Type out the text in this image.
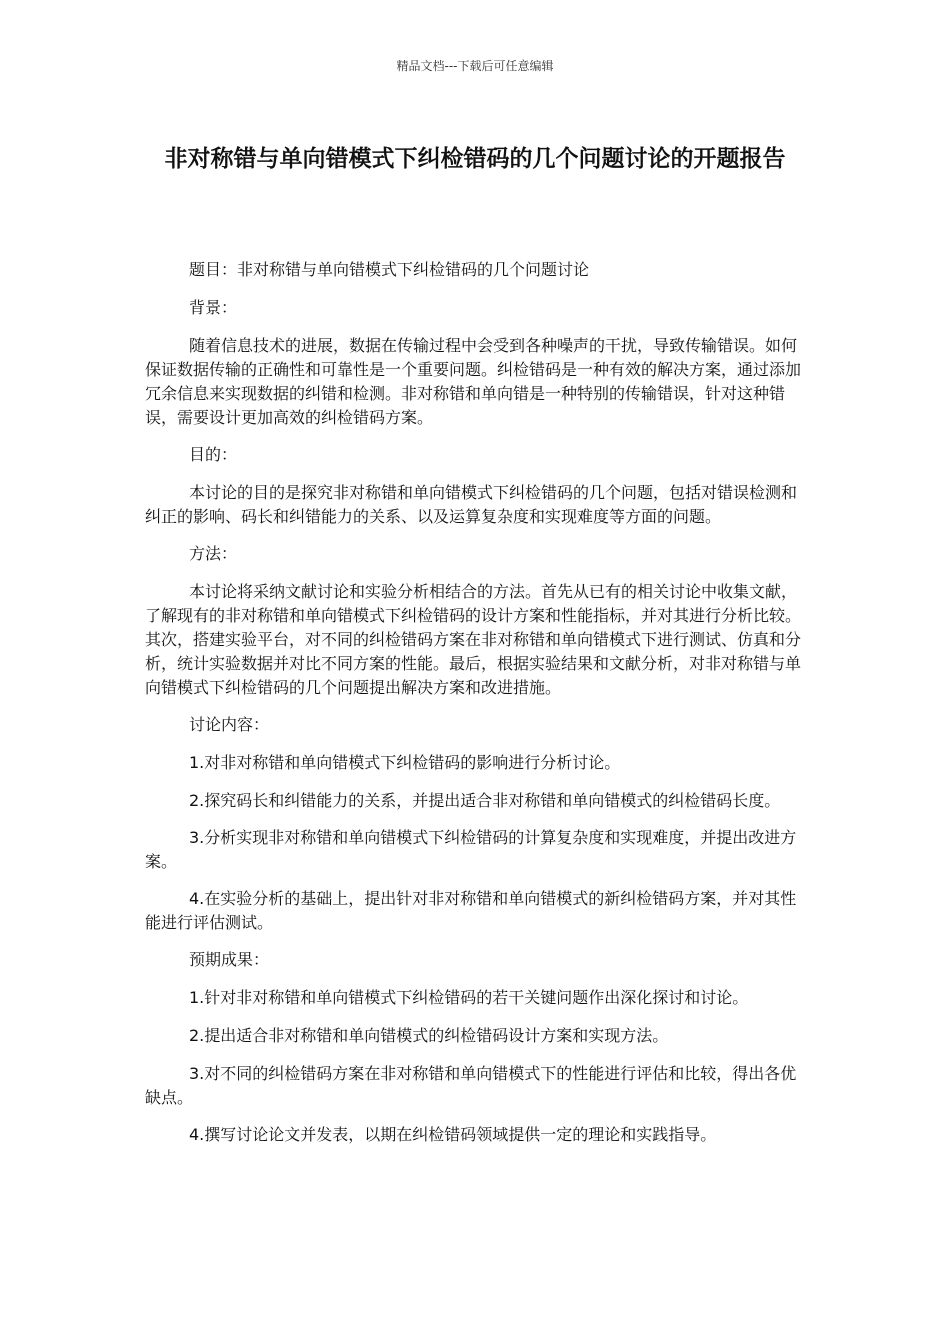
精品文档---下载后可任意编辑
非对称错与单向错模式下纠检错码的几个问题讨论的开题报告

题目：非对称错与单向错模式下纠检错码的几个问题讨论

背景：

随着信息技术的进展，数据在传输过程中会受到各种噪声的干扰，导致传输错误。如何保证数据传输的正确性和可靠性是一个重要问题。纠检错码是一种有效的解决方案，通过添加冗余信息来实现数据的纠错和检测。非对称错和单向错是一种特别的传输错误，针对这种错误，需要设计更加高效的纠检错码方案。

目的：

本讨论的目的是探究非对称错和单向错模式下纠检错码的几个问题，包括对错误检测和纠正的影响、码长和纠错能力的关系、以及运算复杂度和实现难度等方面的问题。

方法：

本讨论将采纳文献讨论和实验分析相结合的方法。首先从已有的相关讨论中收集文献，了解现有的非对称错和单向错模式下纠检错码的设计方案和性能指标，并对其进行分析比较。其次，搭建实验平台，对不同的纠检错码方案在非对称错和单向错模式下进行测试、仿真和分析，统计实验数据并对比不同方案的性能。最后，根据实验结果和文献分析，对非对称错与单向错模式下纠检错码的几个问题提出解决方案和改进措施。

讨论内容：

1.对非对称错和单向错模式下纠检错码的影响进行分析讨论。

2.探究码长和纠错能力的关系，并提出适合非对称错和单向错模式的纠检错码长度。

3.分析实现非对称错和单向错模式下纠检错码的计算复杂度和实现难度，并提出改进方案。

4.在实验分析的基础上，提出针对非对称错和单向错模式的新纠检错码方案，并对其性能进行评估测试。

预期成果：

1.针对非对称错和单向错模式下纠检错码的若干关键问题作出深化探讨和讨论。

2.提出适合非对称错和单向错模式的纠检错码设计方案和实现方法。

3.对不同的纠检错码方案在非对称错和单向错模式下的性能进行评估和比较，得出各优缺点。

4.撰写讨论论文并发表，以期在纠检错码领域提供一定的理论和实践指导。
